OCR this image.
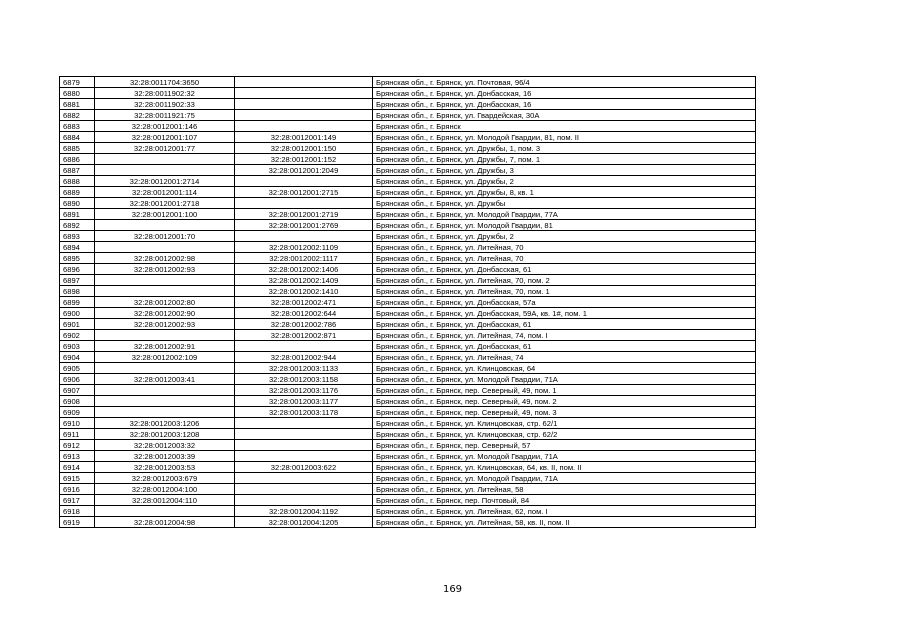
6879	32:28:0011704:3650		Брянская обл., г. Брянск, ул. Почтовая, 96/4
6880	32:28:0011902:32		Брянская обл., г. Брянск, ул. Донбасская, 16
6881	32:28:0011902:33		Брянская обл., г. Брянск, ул. Донбасская, 16
6882	32:28:0011921:75		Брянская обл., г. Брянск, ул. Гвардейская, 30А
6883	32:28:0012001:146		Брянская обл., г. Брянск
6884	32:28:0012001:107	32:28:0012001:149	Брянская обл., г. Брянск, ул. Молодой Гвардии, 81, пом. II
6885	32:28:0012001:77	32:28:0012001:150	Брянская обл., г. Брянск, ул. Дружбы, 1, пом. 3
6886		32:28:0012001:152	Брянская обл., г. Брянск, ул. Дружбы, 7, пом. 1
6887		32:28:0012001:2049	Брянская обл., г. Брянск, ул. Дружбы, 3
6888	32:28:0012001:2714		Брянская обл., г. Брянск, ул. Дружбы, 2
6889	32:28:0012001:114	32:28:0012001:2715	Брянская обл., г. Брянск, ул. Дружбы, 8, кв. 1
6890	32:28:0012001:2718		Брянская обл., г. Брянск, ул. Дружбы
6891	32:28:0012001:100	32:28:0012001:2719	Брянская обл., г. Брянск, ул. Молодой Гвардии, 77А
6892		32:28:0012001:2769	Брянская обл., г. Брянск, ул. Молодой Гвардии, 81
6893	32:28:0012001:70		Брянская обл., г. Брянск, ул. Дружбы, 2
6894		32:28:0012002:1109	Брянская обл., г. Брянск, ул. Литейная, 70
6895	32:28:0012002:98	32:28:0012002:1117	Брянская обл., г. Брянск, ул. Литейная, 70
6896	32:28:0012002:93	32:28:0012002:1406	Брянская обл., г. Брянск, ул. Донбасская, 61
6897		32:28:0012002:1409	Брянская обл., г. Брянск, ул. Литейная, 70, пом. 2
6898		32:28:0012002:1410	Брянская обл., г. Брянск, ул. Литейная, 70, пом. 1
6899	32:28:0012002:80	32:28:0012002:471	Брянская обл., г. Брянск, ул. Донбасская, 57а
6900	32:28:0012002:90	32:28:0012002:644	Брянская обл., г. Брянск, ул. Донбасская, 59А, кв. 1#, пом. 1
6901	32:28:0012002:93	32:28:0012002:786	Брянская обл., г. Брянск, ул. Донбасская, 61
6902		32:28:0012002:871	Брянская обл., г. Брянск, ул. Литейная, 74, пом. I
6903	32:28:0012002:91		Брянская обл., г. Брянск, ул. Донбасская, 61
6904	32:28:0012002:109	32:28:0012002:944	Брянская обл., г. Брянск, ул. Литейная, 74
6905		32:28:0012003:1133	Брянская обл., г. Брянск, ул. Клинцовская, 64
6906	32:28:0012003:41	32:28:0012003:1158	Брянская обл., г. Брянск, ул. Молодой Гвардии, 71А
6907		32:28:0012003:1176	Брянская обл., г. Брянск, пер. Северный, 49, пом. 1
6908		32:28:0012003:1177	Брянская обл., г. Брянск, пер. Северный, 49, пом. 2
6909		32:28:0012003:1178	Брянская обл., г. Брянск, пер. Северный, 49, пом. 3
6910	32:28:0012003:1206		Брянская обл., г. Брянск, ул. Клинцовская, стр. 62/1
6911	32:28:0012003:1208		Брянская обл., г. Брянск, ул. Клинцовская, стр. 62/2
6912	32:28:0012003:32		Брянская обл., г. Брянск, пер. Северный, 57
6913	32:28:0012003:39		Брянская обл., г. Брянск, ул. Молодой Гвардии, 71А
6914	32:28:0012003:53	32:28:0012003:622	Брянская обл., г. Брянск, ул. Клинцовская, 64, кв. II, пом. II
6915	32:28:0012003:679		Брянская обл., г. Брянск, ул. Молодой Гвардии, 71А
6916	32:28:0012004:100		Брянская обл., г. Брянск, ул. Литейная, 58
6917	32:28:0012004:110		Брянская обл., г. Брянск, пер. Почтовый, 84
6918		32:28:0012004:1192	Брянская обл., г. Брянск, ул. Литейная, 62, пом. I
6919	32:28:0012004:98	32:28:0012004:1205	Брянская обл., г. Брянск, ул. Литейная, 58, кв. II, пом. II
169
